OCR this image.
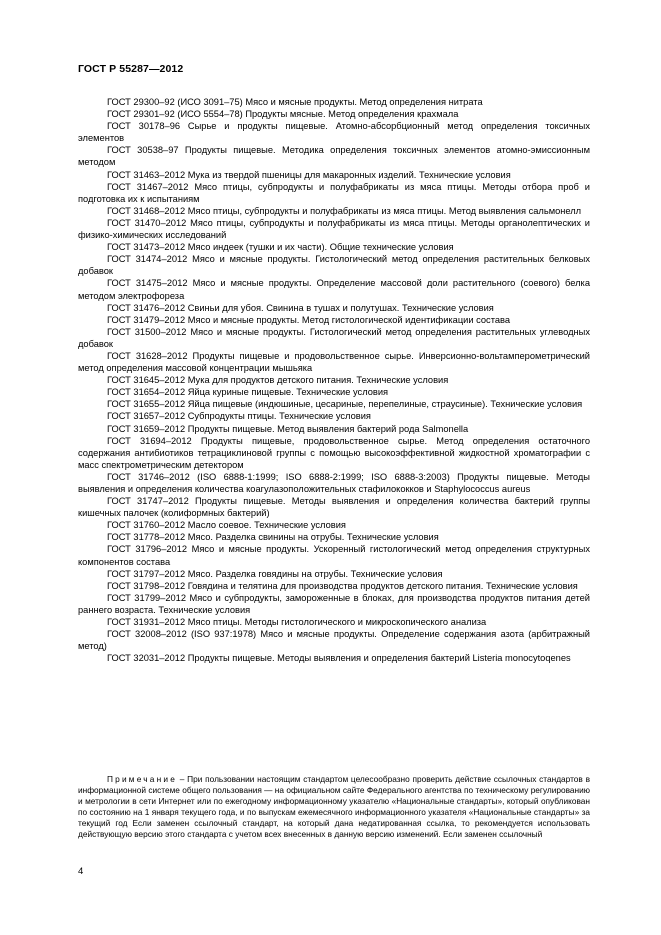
ГОСТ Р 55287—2012

ГОСТ 29300–92 (ИСО 3091–75) Мясо и мясные продукты. Метод определения нитрата

ГОСТ 29301–92 (ИСО 5554–78) Продукты мясные. Метод определения крахмала

ГОСТ 30178–96 Сырье и продукты пищевые. Атомно-абсорбционный метод определения токсичных элементов

ГОСТ 30538–97 Продукты пищевые. Методика определения токсичных элементов атомно-эмиссионным методом

ГОСТ 31463–2012 Мука из твердой пшеницы для макаронных изделий. Технические условия

ГОСТ 31467–2012 Мясо птицы, субпродукты и полуфабрикаты из мяса птицы. Методы отбора проб и подготовка их к испытаниям

ГОСТ 31468–2012 Мясо птицы, субпродукты и полуфабрикаты из мяса птицы. Метод выявления сальмонелл

ГОСТ 31470–2012 Мясо птицы, субпродукты и полуфабрикаты из мяса птицы. Методы органолептических и физико-химических исследований

ГОСТ 31473–2012 Мясо индеек (тушки и их части). Общие технические условия

ГОСТ 31474–2012 Мясо и мясные продукты. Гистологический метод определения растительных белковых добавок

ГОСТ 31475–2012 Мясо и мясные продукты. Определение массовой доли растительного (соевого) белка методом электрофореза

ГОСТ 31476–2012 Свиньи для убоя. Свинина в тушах и полутушах. Технические условия

ГОСТ 31479–2012 Мясо и мясные продукты. Метод гистологической идентификации состава

ГОСТ 31500–2012 Мясо и мясные продукты. Гистологический метод определения растительных углеводных добавок

ГОСТ 31628–2012 Продукты пищевые и продовольственное сырье. Инверсионно-вольтамперометрический метод определения массовой концентрации мышьяка

ГОСТ 31645–2012 Мука для продуктов детского питания. Технические условия

ГОСТ 31654–2012 Яйца куриные пищевые. Технические условия

ГОСТ 31655–2012 Яйца пищевые (индюшиные, цесариные, перепелиные, страусиные). Технические условия

ГОСТ 31657–2012 Субпродукты птицы. Технические условия

ГОСТ 31659–2012 Продукты пищевые. Метод выявления бактерий рода Salmonella

ГОСТ 31694–2012 Продукты пищевые, продовольственное сырье. Метод определения остаточного содержания антибиотиков тетрациклиновой группы с помощью высокоэффективной жидкостной хроматографии с масс спектрометрическим детектором

ГОСТ 31746–2012 (ISO 6888-1:1999; ISO 6888-2:1999; ISO 6888-3:2003) Продукты пищевые. Методы выявления и определения количества коагулазоположительных стафилококков и Staphylococcus aureus

ГОСТ 31747–2012 Продукты пищевые. Методы выявления и определения количества бактерий группы кишечных палочек (колиформных бактерий)

ГОСТ 31760–2012 Масло соевое. Технические условия

ГОСТ 31778–2012 Мясо. Разделка свинины на отрубы. Технические условия

ГОСТ 31796–2012 Мясо и мясные продукты. Ускоренный гистологический метод определения структурных компонентов состава

ГОСТ 31797–2012 Мясо. Разделка говядины на отрубы. Технические условия

ГОСТ 31798–2012 Говядина и телятина для производства продуктов детского питания. Технические условия

ГОСТ 31799–2012 Мясо и субпродукты, замороженные в блоках, для производства продуктов питания детей раннего возраста. Технические условия

ГОСТ 31931–2012 Мясо птицы. Методы гистологического и микроскопического анализа

ГОСТ 32008–2012 (ISO 937:1978) Мясо и мясные продукты. Определение содержания азота (арбитражный метод)

ГОСТ 32031–2012 Продукты пищевые. Методы выявления и определения бактерий Listeria monocytoqenes

Примечание – При пользовании настоящим стандартом целесообразно проверить действие ссылочных стандартов в информационной системе общего пользования — на официальном сайте Федерального агентства по техническому регулированию и метрологии в сети Интернет или по ежегодному информационному указателю «Национальные стандарты», который опубликован по состоянию на 1 января текущего года, и по выпускам ежемесячного информационного указателя «Национальные стандарты» за текущий год Если заменен ссылочный стандарт, на который дана недатированная ссылка, то рекомендуется использовать действующую версию этого стандарта с учетом всех внесенных в данную версию изменений. Если заменен ссылочный

4
